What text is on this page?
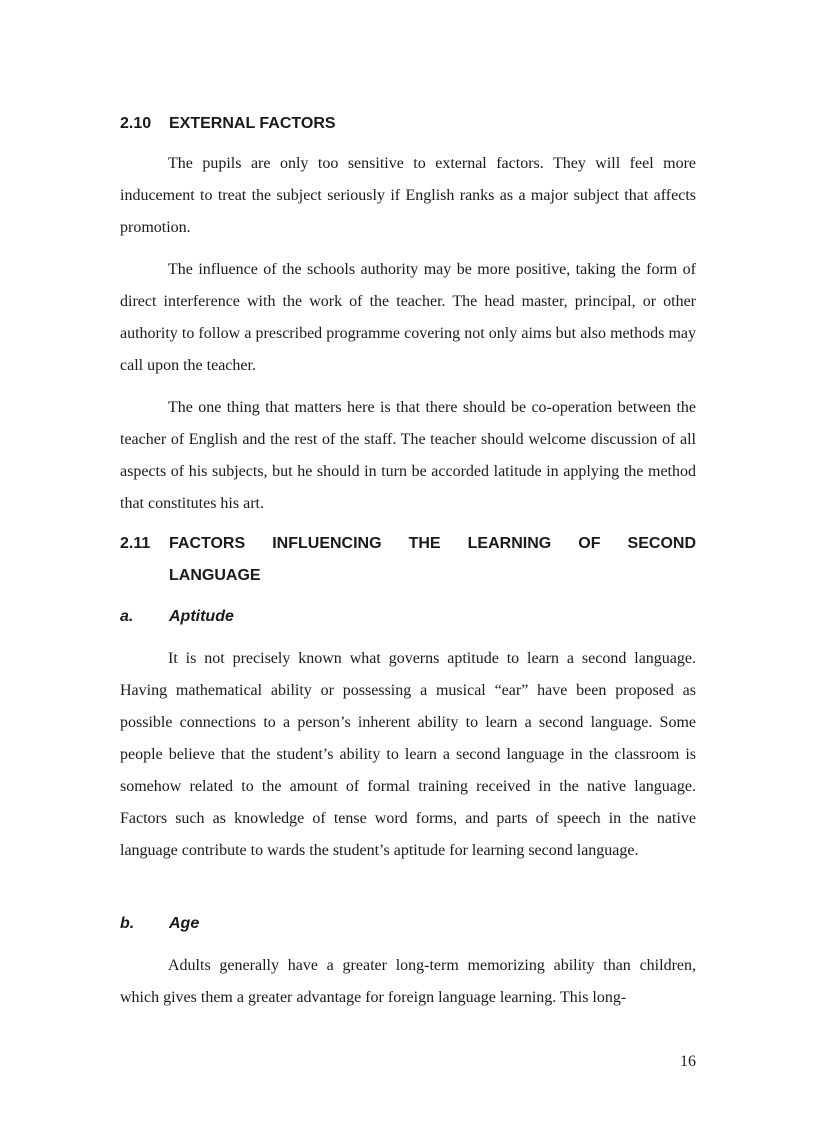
2.10 EXTERNAL FACTORS

The pupils are only too sensitive to external factors. They will feel more inducement to treat the subject seriously if English ranks as a major subject that affects promotion.

The influence of the schools authority may be more positive, taking the form of direct interference with the work of the teacher. The head master, principal, or other authority to follow a prescribed programme covering not only aims but also methods may call upon the teacher.

The one thing that matters here is that there should be co-operation between the teacher of English and the rest of the staff. The teacher should welcome discussion of all aspects of his subjects, but he should in turn be accorded latitude in applying the method that constitutes his art.

2.11 FACTORS INFLUENCING THE LEARNING OF SECOND
LANGUAGE
a. Aptitude

It is not precisely known what governs aptitude to learn a second language. Having mathematical ability or possessing a musical “ear” have been proposed as possible connections to a person’s inherent ability to learn a second language. Some people believe that the student’s ability to learn a second language in the classroom is somehow related to the amount of formal training received in the native language. Factors such as knowledge of tense word forms, and parts of speech in the native language contribute to wards the student’s aptitude for learning second language.

b. Age

Adults generally have a greater long-term memorizing ability than children, which gives them a greater advantage for foreign language learning. This long-

16
